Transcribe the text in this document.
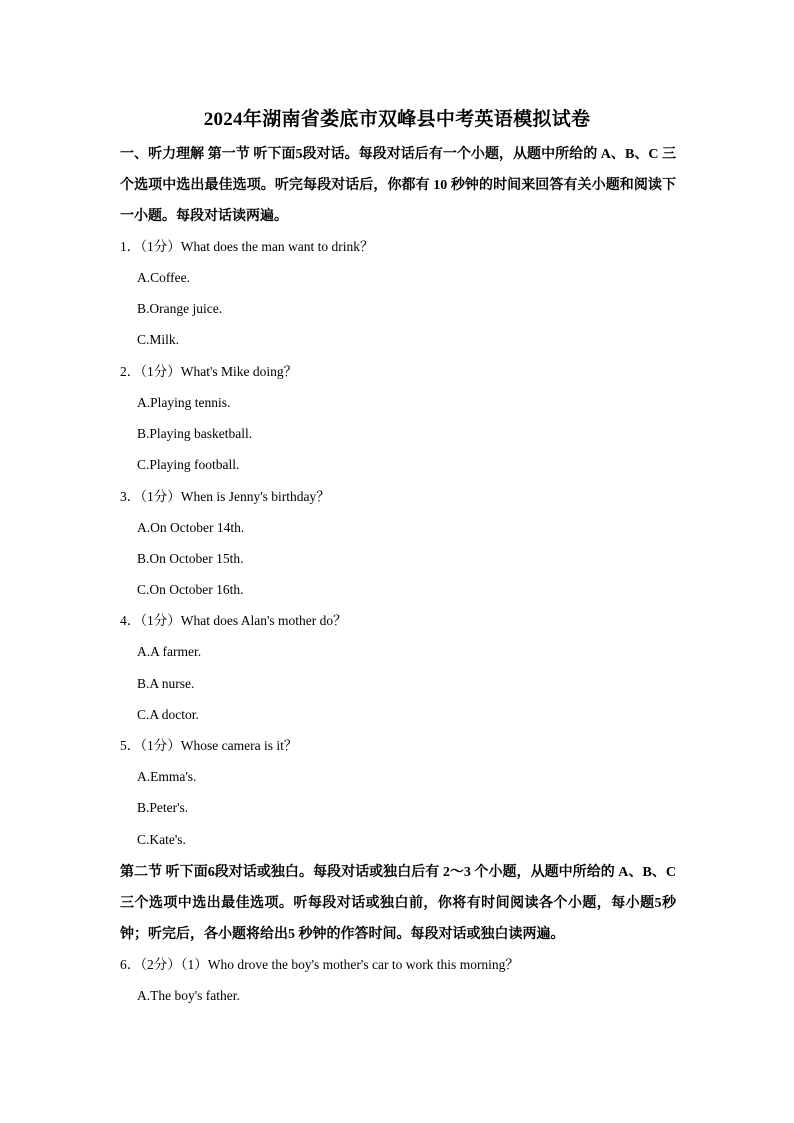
2024年湖南省娄底市双峰县中考英语模拟试卷
一、听力理解 第一节 听下面5段对话。每段对话后有一个小题，从题中所给的 A、B、C 三个选项中选出最佳选项。听完每段对话后，你都有 10 秒钟的时间来回答有关小题和阅读下一小题。每段对话读两遍。
1．（1分）What does the man want to drink？
A.Coffee.
B.Orange juice.
C.Milk.
2．（1分）What's Mike doing？
A.Playing tennis.
B.Playing basketball.
C.Playing football.
3．（1分）When is Jenny's birthday？
A.On October 14th.
B.On October 15th.
C.On October 16th.
4．（1分）What does Alan's mother do？
A.A farmer.
B.A nurse.
C.A doctor.
5．（1分）Whose camera is it？
A.Emma's.
B.Peter's.
C.Kate's.
第二节 听下面6段对话或独白。每段对话或独白后有 2～3 个小题，从题中所给的 A、B、C 三个选项中选出最佳选项。听每段对话或独白前，你将有时间阅读各个小题，每小题5秒钟；听完后，各小题将给出5 秒钟的作答时间。每段对话或独白读两遍。
6．（2分）（1）Who drove the boy's mother's car to work this morning？
A.The boy's father.
